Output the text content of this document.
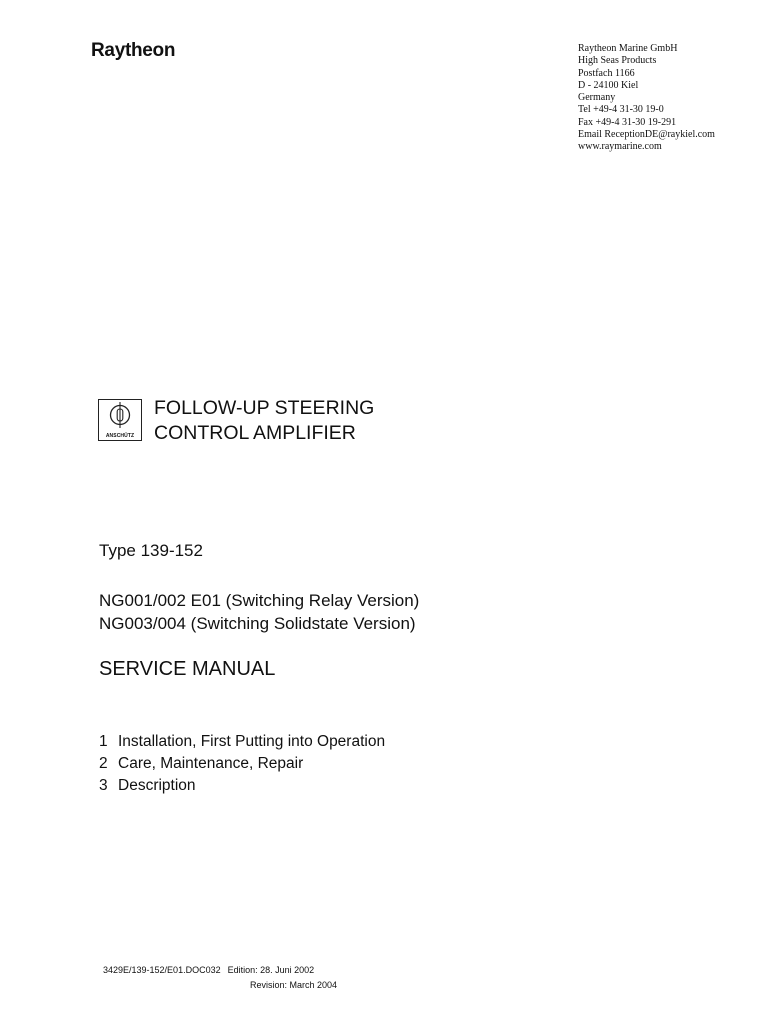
Raytheon	Raytheon Marine GmbH
High Seas Products
Postfach 1166
D - 24100 Kiel
Germany
Tel +49-4 31-30 19-0
Fax +49-4 31-30 19-291
Email ReceptionDE@raykiel.com
www.raymarine.com
ANSCHÜTZ
FOLLOW-UP STEERING
CONTROL AMPLIFIER
Type 139-152
NG001/002 E01 (Switching Relay Version)
NG003/004 (Switching Solidstate Version)
SERVICE MANUAL
1 Installation, First Putting into Operation
2 Care, Maintenance, Repair
3 Description
3429E/139-152/E01.DOC032 Edition: 28. Juni 2002
Revision: March 2004
